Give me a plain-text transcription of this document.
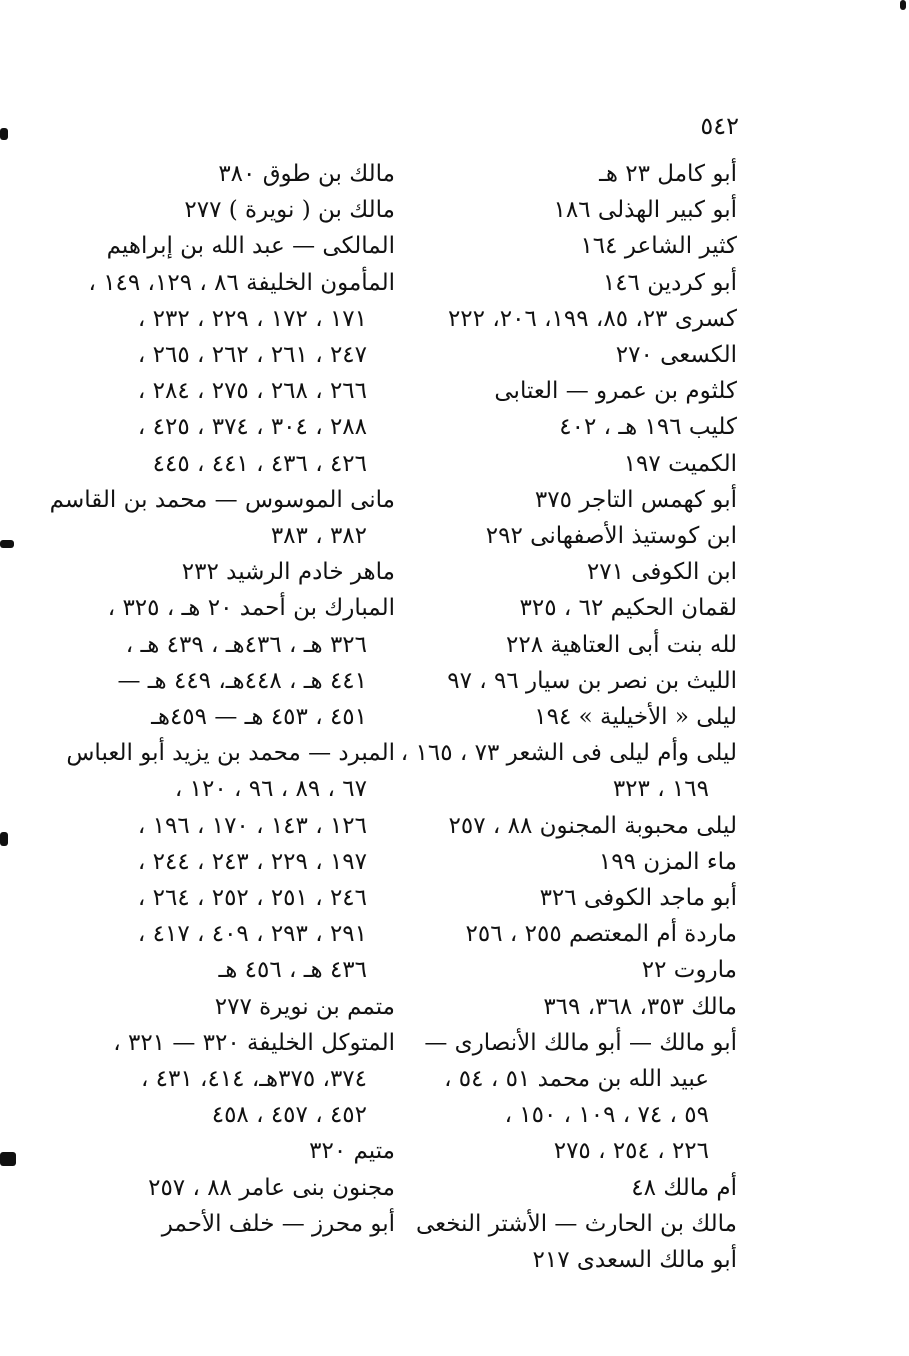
٥٤٢
أبو كامل ٢٣ هـ
أبو كبير الهذلى ١٨٦
كثير الشاعر ١٦٤
أبو كردين ١٤٦
كسرى ٢٣، ٨٥، ١٩٩، ٢٠٦، ٢٢٢
الكسعى ٢٧٠
كلثوم بن عمرو — العتابى
كليب ١٩٦ هـ ، ٤٠٢
الكميت ١٩٧
أبو كهمس التاجر ٣٧٥
ابن كوستيذ الأصفهانى ٢٩٢
ابن الكوفى ٢٧١
لقمان الحكيم ٦٢ ، ٣٢٥
لله بنت أبى العتاهية ٢٢٨
الليث بن نصر بن سيار ٩٦ ، ٩٧
ليلى « الأخيلية » ١٩٤
ليلى وأم ليلى فى الشعر ٧٣ ، ١٦٥ ،
١٦٩ ، ٣٢٣
ليلى محبوبة المجنون ٨٨ ، ٢٥٧
ماء المزن ١٩٩
أبو ماجد الكوفى ٣٢٦
ماردة أم المعتصم ٢٥٥ ، ٢٥٦
ماروت ٢٢
مالك ٣٥٣، ٣٦٨، ٣٦٩
أبو مالك — أبو مالك الأنصارى —
عبيد الله بن محمد ٥١ ، ٥٤ ،
٥٩ ، ٧٤ ، ١٠٩ ، ١٥٠ ،
٢٢٦ ، ٢٥٤ ، ٢٧٥
أم مالك ٤٨
مالك بن الحارث — الأشتر النخعى
أبو مالك السعدى ٢١٧
مالك بن طوق ٣٨٠
مالك بن ( نويرة ) ٢٧٧
المالكى — عبد الله بن إبراهيم
المأمون الخليفة ٨٦ ، ١٢٩، ١٤٩ ،
١٧١ ، ١٧٢ ، ٢٢٩ ، ٢٣٢ ،
٢٤٧ ، ٢٦١ ، ٢٦٢ ، ٢٦٥ ،
٢٦٦ ، ٢٦٨ ، ٢٧٥ ، ٢٨٤ ،
٢٨٨ ، ٣٠٤ ، ٣٧٤ ، ٤٢٥ ،
٤٢٦ ، ٤٣٦ ، ٤٤١ ، ٤٤٥
مانى الموسوس — محمد بن القاسم
٣٨٢ ، ٣٨٣
ماهر خادم الرشيد ٢٣٢
المبارك بن أحمد ٢٠ هـ ، ٣٢٥ ،
٣٢٦ هـ ، ٤٣٦هـ ، ٤٣٩ هـ ،
٤٤١ هـ ، ٤٤٨هـ، ٤٤٩ هـ —
٤٥١ ، ٤٥٣ هـ — ٤٥٩هـ
المبرد — محمد بن يزيد أبو العباس
٦٧ ، ٨٩ ، ٩٦ ، ١٢٠ ،
١٢٦ ، ١٤٣ ، ١٧٠ ، ١٩٦ ،
١٩٧ ، ٢٢٩ ، ٢٤٣ ، ٢٤٤ ،
٢٤٦ ، ٢٥١ ، ٢٥٢ ، ٢٦٤ ،
٢٩١ ، ٢٩٣ ، ٤٠٩ ، ٤١٧ ،
٤٣٦ هـ ، ٤٥٦ هـ
متمم بن نويرة ٢٧٧
المتوكل الخليفة ٣٢٠ — ٣٢١ ،
٣٧٤، ٣٧٥هـ، ٤١٤، ٤٣١ ،
٤٥٢ ، ٤٥٧ ، ٤٥٨
متيم ٣٢٠
مجنون بنى عامر ٨٨ ، ٢٥٧
أبو محرز — خلف الأحمر
